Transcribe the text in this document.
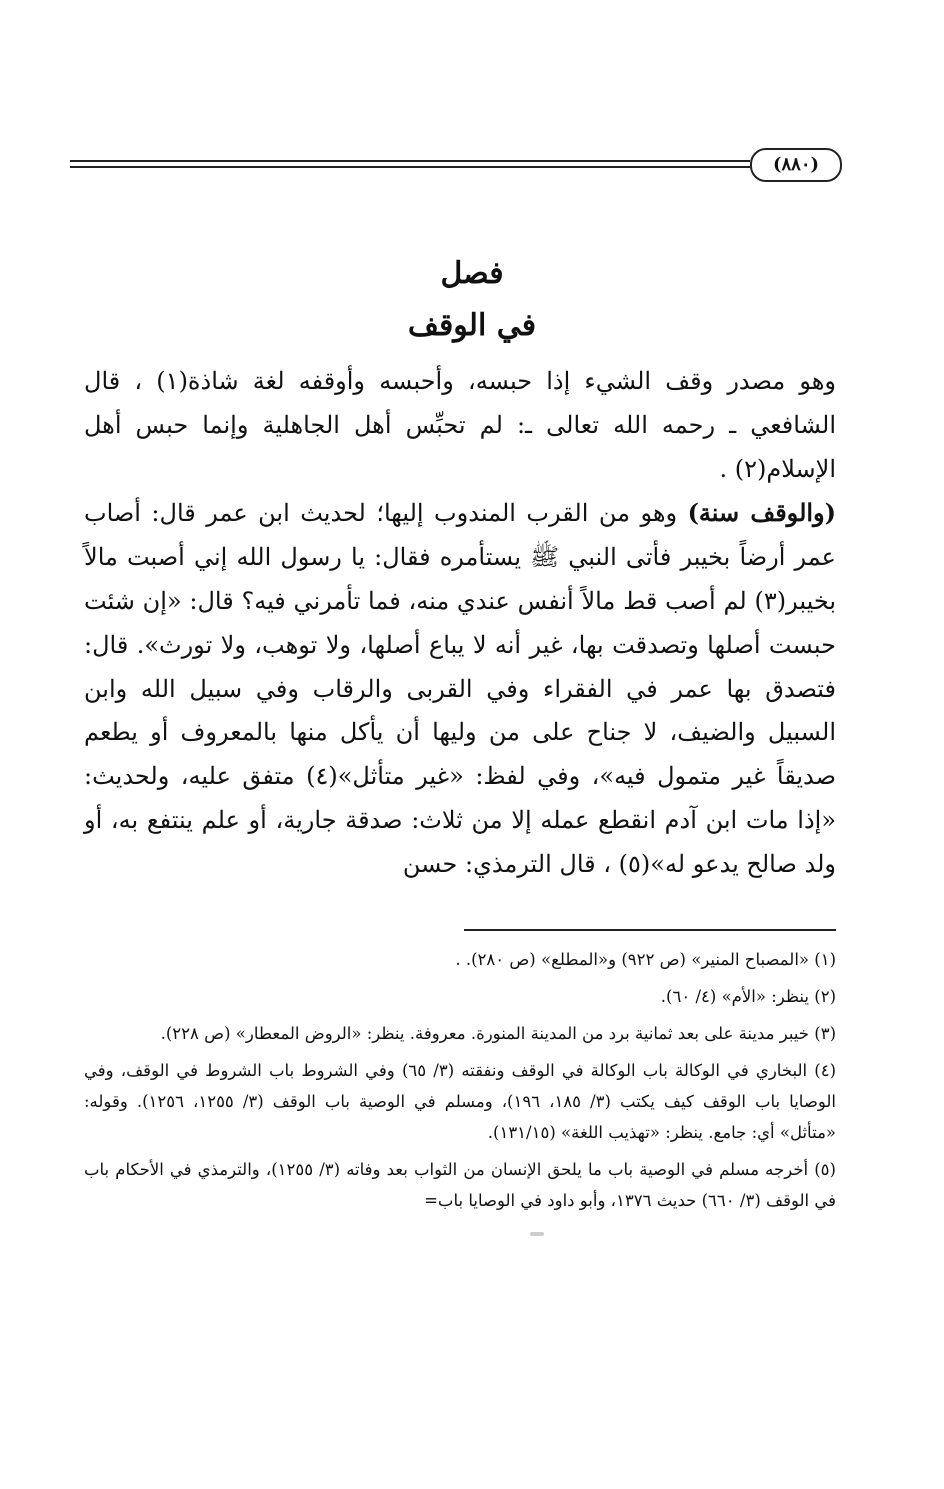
(٨٨٠)
فصل
في الوقف

وهو مصدر وقف الشيء إذا حبسه، وأحبسه وأوقفه لغة شاذة(١) ، قال الشافعي ـ رحمه الله تعالى ـ: لم تحبِّس أهل الجاهلية وإنما حبس أهل الإسلام(٢) .

(والوقف سنة) وهو من القرب المندوب إليها؛ لحديث ابن عمر قال: أصاب عمر أرضاً بخيبر فأتى النبي ﷺ يستأمره فقال: يا رسول الله إني أصبت مالاً بخيبر(٣) لم أصب قط مالاً أنفس عندي منه، فما تأمرني فيه؟ قال: «إن شئت حبست أصلها وتصدقت بها، غير أنه لا يباع أصلها، ولا توهب، ولا تورث». قال: فتصدق بها عمر في الفقراء وفي القربى والرقاب وفي سبيل الله وابن السبيل والضيف، لا جناح على من وليها أن يأكل منها بالمعروف أو يطعم صديقاً غير متمول فيه»، وفي لفظ: «غير متأثل»(٤) متفق عليه، ولحديث: «إذا مات ابن آدم انقطع عمله إلا من ثلاث: صدقة جارية، أو علم ينتفع به، أو ولد صالح يدعو له»(٥) ، قال الترمذي: حسن

(١) «المصباح المنير» (ص ٩٢٢) و«المطلع» (ص ٢٨٠). .

(٢) ينظر: «الأم» (٤/ ٦٠).

(٣) خيبر مدينة على بعد ثمانية برد من المدينة المنورة. معروفة. ينظر: «الروض المعطار» (ص ٢٢٨).

(٤) البخاري في الوكالة باب الوكالة في الوقف ونفقته (٣/ ٦٥) وفي الشروط باب الشروط في الوقف، وفي الوصايا باب الوقف كيف يكتب (٣/ ١٨٥، ١٩٦)، ومسلم في الوصية باب الوقف (٣/ ١٢٥٥، ١٢٥٦). وقوله: «متأثل» أي: جامع. ينظر: «تهذيب اللغة» (١٣١/١٥).

(٥) أخرجه مسلم في الوصية باب ما يلحق الإنسان من الثواب بعد وفاته (٣/ ١٢٥٥)، والترمذي في الأحكام باب في الوقف (٣/ ٦٦٠) حديث ١٣٧٦، وأبو داود في الوصايا باب=
